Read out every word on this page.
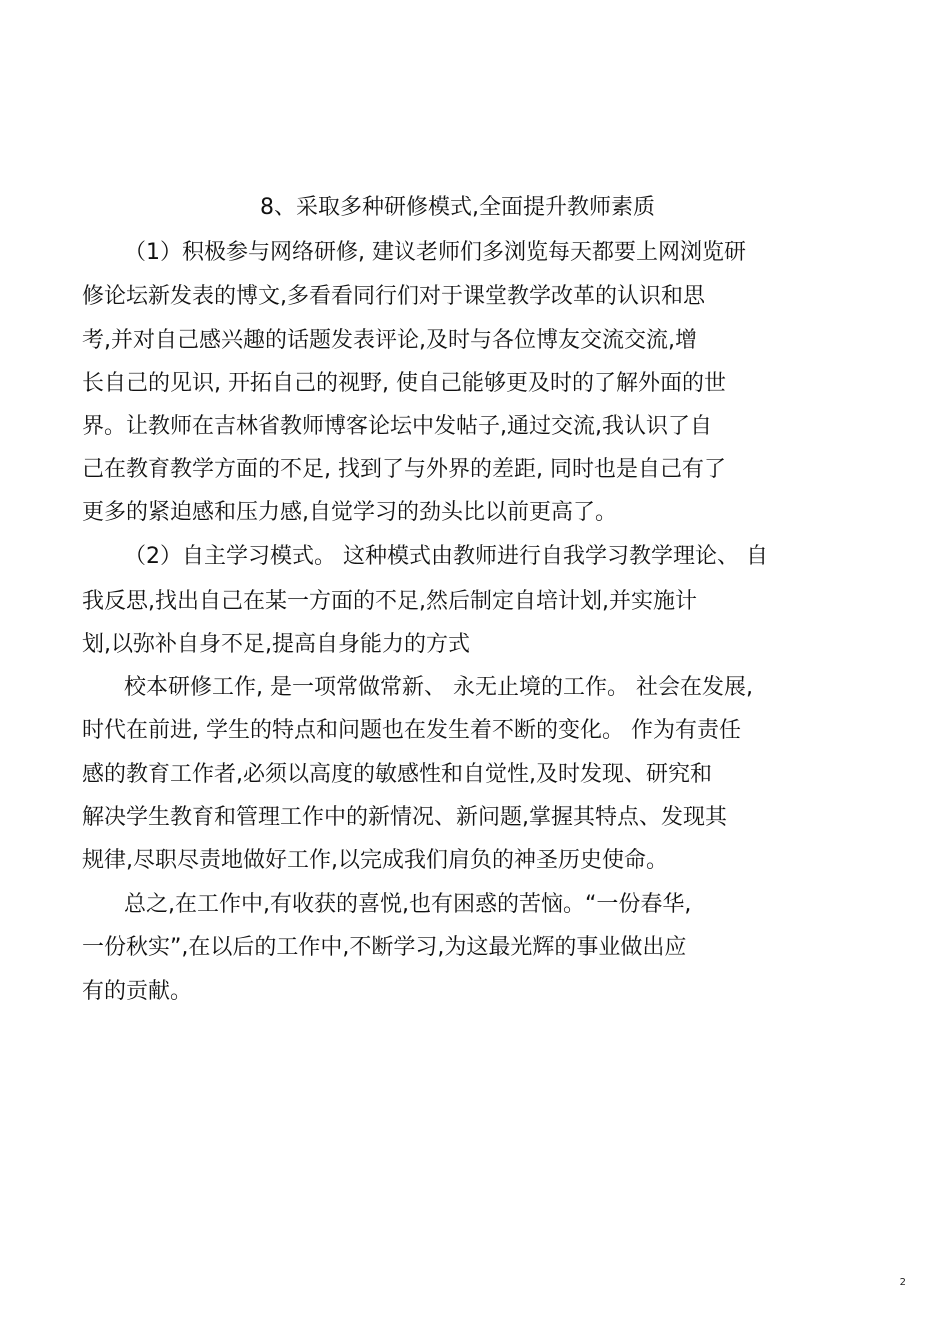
8、采取多种研修模式,全面提升教师素质
（1）积极参与网络研修, 建议老师们多浏览每天都要上网浏览研
修论坛新发表的博文,多看看同行们对于课堂教学改革的认识和思
考,并对自己感兴趣的话题发表评论,及时与各位博友交流交流,增
长自己的见识, 开拓自己的视野, 使自己能够更及时的了解外面的世
界。让教师在吉林省教师博客论坛中发帖子,通过交流,我认识了自
己在教育教学方面的不足, 找到了与外界的差距, 同时也是自己有了
更多的紧迫感和压力感,自觉学习的劲头比以前更高了。
（2）自主学习模式。 这种模式由教师进行自我学习教学理论、 自
我反思,找出自己在某一方面的不足,然后制定自培计划,并实施计
划,以弥补自身不足,提高自身能力的方式
校本研修工作, 是一项常做常新、 永无止境的工作。 社会在发展,
时代在前进, 学生的特点和问题也在发生着不断的变化。 作为有责任
感的教育工作者,必须以高度的敏感性和自觉性,及时发现、研究和
解决学生教育和管理工作中的新情况、新问题,掌握其特点、发现其
规律,尽职尽责地做好工作,以完成我们肩负的神圣历史使命。
总之,在工作中,有收获的喜悦,也有困惑的苦恼。“一份春华,
一份秋实”,在以后的工作中,不断学习,为这最光辉的事业做出应
有的贡献。
2
